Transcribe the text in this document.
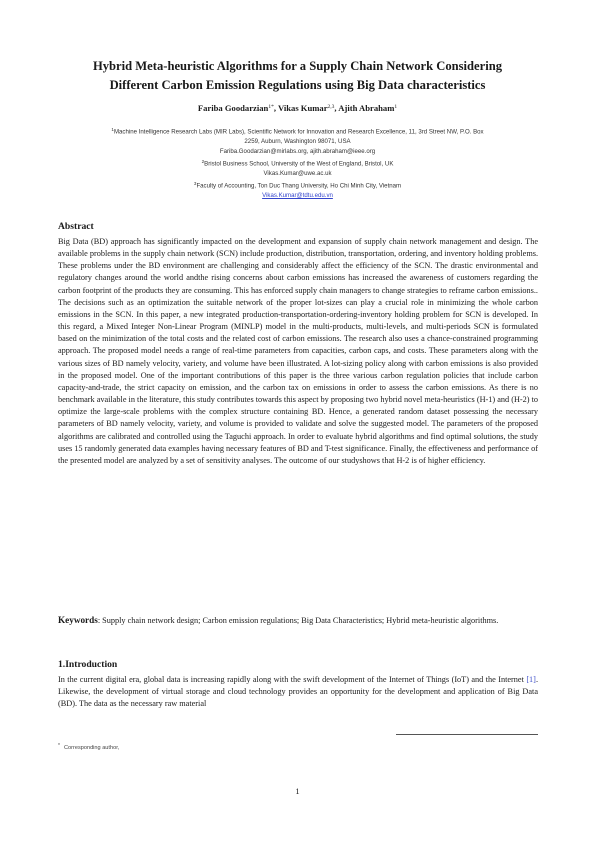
Hybrid Meta-heuristic Algorithms for a Supply Chain Network Considering
Different Carbon Emission Regulations using Big Data characteristics
Fariba Goodarzian$^{1*}$, Vikas Kumar$^{2,3}$, Ajith Abraham$^1$
$^1$Machine Intelligence Research Labs (MIR Labs), Scientific Network for Innovation and Research Excellence, 11, 3rd Street NW, P.O. Box
2259, Auburn, Washington 98071, USA
Fariba.Goodarzian@mirlabs.org, ajith.abraham@ieee.org
$^2$Bristol Business School, University of the West of England, Bristol, UK
Vikas.Kumar@uwe.ac.uk
$^3$Faculty of Accounting, Ton Duc Thang University, Ho Chi Minh City, Vietnam
Vikas.Kumar@tdtu.edu.vn
Abstract

Big Data (BD) approach has significantly impacted on the development and expansion of supply chain network management and design. The available problems in the supply chain network (SCN) include production, distribution, transportation, ordering, and inventory holding problems. These problems under the BD environment are challenging and considerably affect the efficiency of the SCN. The drastic environmental and regulatory changes around the world andthe rising concerns about carbon emissions has increased the awareness of customers regarding the carbon footprint of the products they are consuming. This has enforced supply chain managers to change strategies to reframe carbon emissions.. The decisions such as an optimization the suitable network of the proper lot-sizes can play a crucial role in minimizing the whole carbon emissions in the SCN. In this paper, a new integrated production-transportation-ordering-inventory holding problem for SCN is developed. In this regard, a Mixed Integer Non-Linear Program (MINLP) model in the multi-products, multi-levels, and multi-periods SCN is formulated based on the minimization of the total costs and the related cost of carbon emissions. The research also uses a chance-constrained programming approach. The proposed model needs a range of real-time parameters from capacities, carbon caps, and costs. These parameters along with the various sizes of BD namely velocity, variety, and volume have been illustrated. A lot-sizing policy along with carbon emissions is also provided in the proposed model. One of the important contributions of this paper is the three various carbon regulation policies that include carbon capacity-and-trade, the strict capacity on emission, and the carbon tax on emissions in order to assess the carbon emissions. As there is no benchmark available in the literature, this study contributes towards this aspect by proposing two hybrid novel meta-heuristics (H-1) and (H-2) to optimize the large-scale problems with the complex structure containing BD. Hence, a generated random dataset possessing the necessary parameters of BD namely velocity, variety, and volume is provided to validate and solve the suggested model. The parameters of the proposed algorithms are calibrated and controlled using the Taguchi approach. In order to evaluate hybrid algorithms and find optimal solutions, the study uses 15 randomly generated data examples having necessary features of BD and T-test significance. Finally, the effectiveness and performance of the presented model are analyzed by a set of sensitivity analyses. The outcome of our studyshows that H-2 is of higher efficiency.

Keywords: Supply chain network design; Carbon emission regulations; Big Data Characteristics; Hybrid meta-heuristic algorithms.

1.Introduction

In the current digital era, global data is increasing rapidly along with the swift development of the Internet of Things (IoT) and the Internet [1]. Likewise, the development of virtual storage and cloud technology provides an opportunity for the development and application of Big Data (BD). The data as the necessary raw material

* Corresponding author,
1
